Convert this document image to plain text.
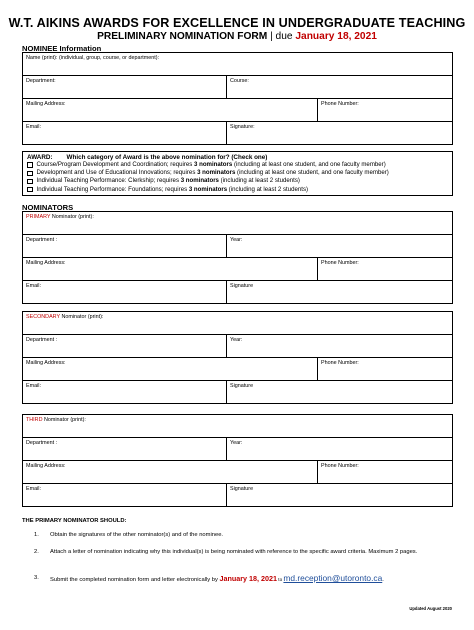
W.T. AIKINS AWARDS FOR EXCELLENCE IN UNDERGRADUATE TEACHING
PRELIMINARY NOMINATION FORM | due January 18, 2021
NOMINEE Information
Name (print): (individual, group, course, or department):		
Department:	Course:	
Mailing Address:		Phone Number:
Email:	Signature:	
AWARD: Which category of Award is the above nomination for? (Check one)
Course/Program Development and Coordination; requires 3 nominators (including at least one student, and one faculty member)
Development and Use of Educational Innovations; requires 3 nominators (including at least one student, and one faculty member)
Individual Teaching Performance: Clerkship; requires 3 nominators (including at least 2 students)
Individual Teaching Performance: Foundations; requires 3 nominators (including at least 2 students)
NOMINATORS
PRIMARY Nominator (print):		
Department :	Year:	
Mailing Address:		Phone Number:
Email:	Signature	
SECONDARY Nominator (print):		
Department :	Year:	
Mailing Address:		Phone Number:
Email:	Signature	
THIRD Nominator (print):		
Department :	Year:	
Mailing Address:		Phone Number:
Email:	Signature	
THE PRIMARY NOMINATOR SHOULD:
1. Obtain the signatures of the other nominator(s) and of the nominee.
2. Attach a letter of nomination indicating why this individual(s) is being nominated with reference to the specific award criteria. Maximum 2 pages.
3. Submit the completed nomination form and letter electronically by January 18, 2021 to md.reception@utoronto.ca.
Updated August 2020
